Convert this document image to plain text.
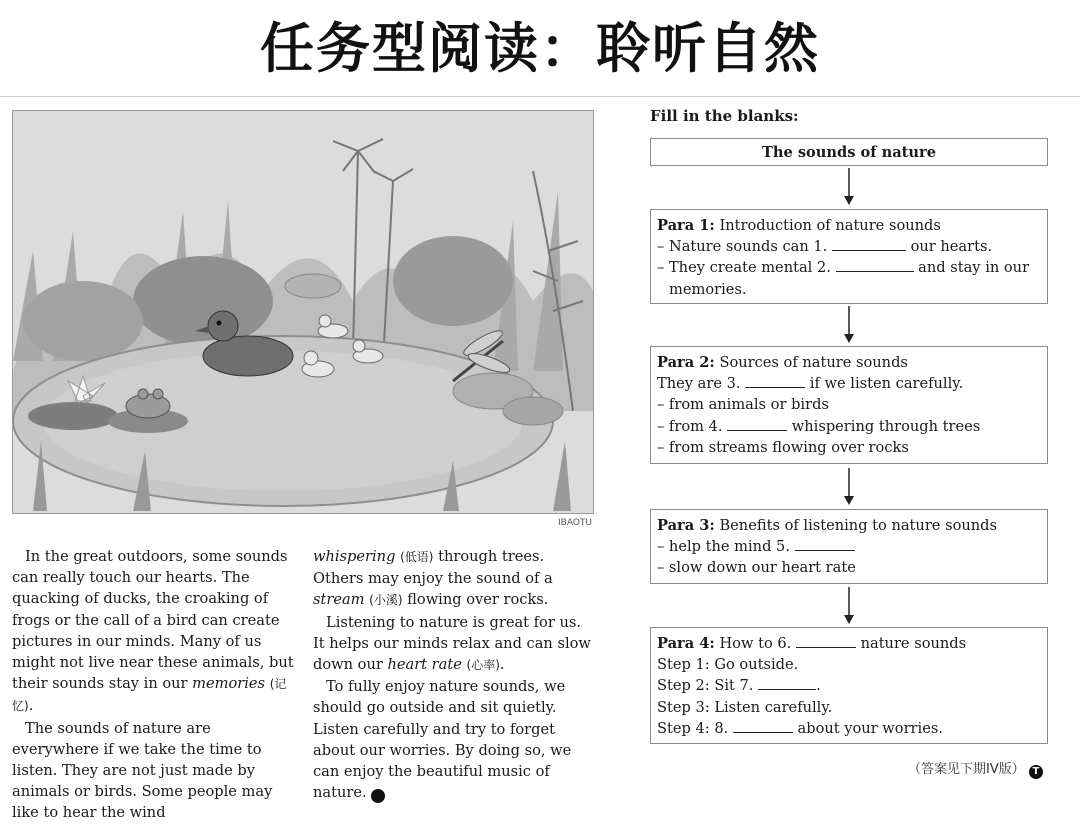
任务型阅读：聆听自然
IBAOTU

In the great outdoors, some sounds can really touch our hearts. The quacking of ducks, the croaking of frogs or the call of a bird can create pictures in our minds. Many of us might not live near these animals, but their sounds stay in our memories (记忆).

The sounds of nature are everywhere if we take the time to listen. They are not just made by animals or birds. Some people may like to hear the wind

whispering (低语) through trees. Others may enjoy the sound of a stream (小溪) flowing over rocks.

Listening to nature is great for us. It helps our minds relax and can slow down our heart rate (心率).

To fully enjoy nature sounds, we should go outside and sit quietly. Listen carefully and try to forget about our worries. By doing so, we can enjoy the beautiful music of nature. T

Fill in the blanks:
The sounds of nature
Para 1: Introduction of nature sounds
– Nature sounds can 1.	our hearts.
– They create mental 2.	and stay in our
memories.
Para 2: Sources of nature sounds
They are 3.	if we listen carefully.
– from animals or birds
– from 4.	whispering through trees
– from streams flowing over rocks
Para 3: Benefits of listening to nature sounds
– help the mind 5.
– slow down our heart rate
Para 4: How to 6.	nature sounds
Step 1: Go outside.
Step 2: Sit 7.	.
Step 3: Listen carefully.
Step 4: 8.	about your worries.
（答案见下期IV版） T
